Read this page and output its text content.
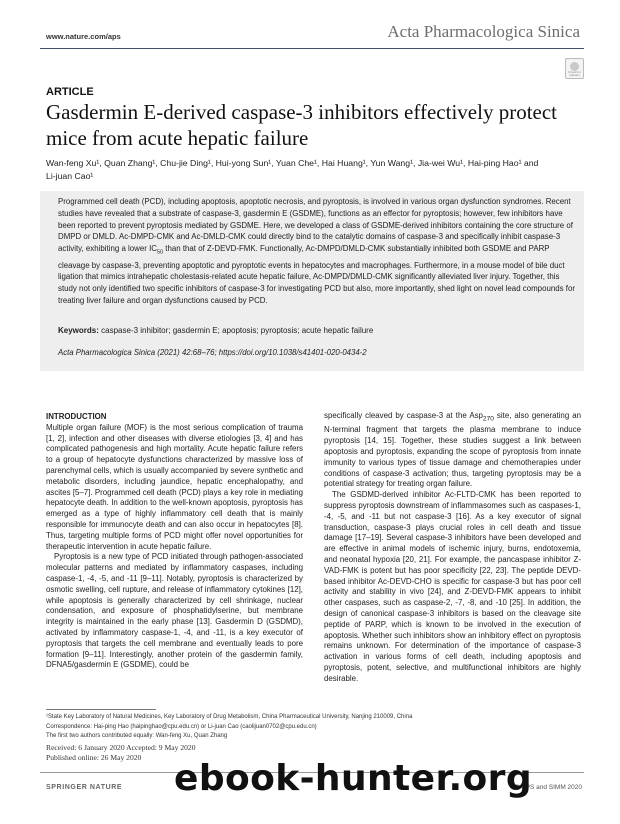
www.nature.com/aps	Acta Pharmacologica Sinica
Check for updates
ARTICLE
Gasdermin E-derived caspase-3 inhibitors effectively protect mice from acute hepatic failure
Wan-feng Xu¹, Quan Zhang¹, Chu-jie Ding¹, Hui-yong Sun¹, Yuan Che¹, Hai Huang¹, Yun Wang¹, Jia-wei Wu¹, Hai-ping Hao¹ and
Li-juan Cao¹
Programmed cell death (PCD), including apoptosis, apoptotic necrosis, and pyroptosis, is involved in various organ dysfunction syndromes. Recent studies have revealed that a substrate of caspase-3, gasdermin E (GSDME), functions as an effector for pyroptosis; however, few inhibitors have been reported to prevent pyroptosis mediated by GSDME. Here, we developed a class of GSDME-derived inhibitors containing the core structure of DMPD or DMLD. Ac-DMPD-CMK and Ac-DMLD-CMK could directly bind to the catalytic domains of caspase-3 and specifically inhibit caspase-3 activity, exhibiting a lower $IC_{50}$ than that of Z-DEVD-FMK. Functionally, Ac-DMPD/DMLD-CMK substantially inhibited both GSDME and PARP cleavage by caspase-3, preventing apoptotic and pyroptotic events in hepatocytes and macrophages. Furthermore, in a mouse model of bile duct ligation that mimics intrahepatic cholestasis-related acute hepatic failure, Ac-DMPD/DMLD-CMK significantly alleviated liver injury. Together, this study not only identified two specific inhibitors of caspase-3 for investigating PCD but also, more importantly, shed light on novel lead compounds for treating liver failure and organ dysfunctions caused by PCD.
Keywords: caspase-3 inhibitor; gasdermin E; apoptosis; pyroptosis; acute hepatic failure
Acta Pharmacologica Sinica (2021) 42:68–76; https://doi.org/10.1038/s41401-020-0434-2

INTRODUCTION

Multiple organ failure (MOF) is the most serious complication of trauma [1, 2], infection and other diseases with diverse etiologies [3, 4] and has complicated pathogenesis and high mortality. Acute hepatic failure refers to a group of hepatocyte dysfunctions characterized by massive loss of parenchymal cells, which is usually accompanied by severe synthetic and metabolic disorders, including jaundice, hepatic encephalopathy, and ascites [5–7]. Programmed cell death (PCD) plays a key role in mediating hepatocyte death. In addition to the well-known apoptosis, pyroptosis has emerged as a type of highly inflammatory cell death that is mainly responsible for immunocyte death and can also occur in hepatocytes [8]. Thus, targeting multiple forms of PCD might offer novel opportunities for therapeutic intervention in acute hepatic failure.

Pyroptosis is a new type of PCD initiated through pathogen-associated molecular patterns and mediated by inflammatory caspases, including caspase-1, -4, -5, and -11 [9–11]. Notably, pyroptosis is characterized by osmotic swelling, cell rupture, and release of inflammatory cytokines [12], while apoptosis is generally characterized by cell shrinkage, nuclear condensation, and exposure of phosphatidylserine, but membrane integrity is maintained in the early phase [13]. Gasdermin D (GSDMD), activated by inflammatory caspase-1, -4, and -11, is a key executor of pyroptosis that targets the cell membrane and eventually leads to pore formation [9–11]. Interestingly, another protein of the gasdermin family, DFNA5/gasdermin E (GSDME), could be

specifically cleaved by caspase-3 at the Asp$_{270}$ site, also generating an N-terminal fragment that targets the plasma membrane to induce pyroptosis [14, 15]. Together, these studies suggest a link between apoptosis and pyroptosis, expanding the scope of pyroptosis from innate immunity to various types of tissue damage and chemotherapies under conditions of caspase-3 activation; thus, targeting pyroptosis may be a potential strategy for treating organ failure.

The GSDMD-derived inhibitor Ac-FLTD-CMK has been reported to suppress pyroptosis downstream of inflammasomes such as caspases-1, -4, -5, and -11 but not caspase-3 [16]. As a key executor of signal transduction, caspase-3 plays crucial roles in cell death and tissue damage [17–19]. Several caspase-3 inhibitors have been developed and are effective in animal models of ischemic injury, burns, endotoxemia, and neonatal hypoxia [20, 21]. For example, the pancaspase inhibitor Z-VAD-FMK is potent but has poor specificity [22, 23]. The peptide DEVD-based inhibitor Ac-DEVD-CHO is specific for caspase-3 but has poor cell activity and stability in vivo [24], and Z-DEVD-FMK appears to inhibit other caspases, such as caspase-2, -7, -8, and -10 [25]. In addition, the design of canonical caspase-3 inhibitors is based on the cleavage site peptide of PARP, which is known to be involved in the execution of apoptosis. Whether such inhibitors show an inhibitory effect on pyroptosis remains unknown. For determination of the importance of caspase-3 activation in various forms of cell death, including apoptosis and pyroptosis, potent, selective, and multifunctional inhibitors are highly desirable.

¹State Key Laboratory of Natural Medicines, Key Laboratory of Drug Metabolism, China Pharmaceutical University, Nanjing 210009, China
Correspondence: Hai-ping Hao (haipinghao@cpu.edu.cn) or Li-juan Cao (caolijuan0702@cpu.edu.cn)
The first two authors contributed equally: Wan-feng Xu, Quan Zhang
Received: 6 January 2020 Accepted: 9 May 2020
Published online: 26 May 2020
SPRINGER NATURE	© CPS and SIMM 2020
ebook-hunter.org
